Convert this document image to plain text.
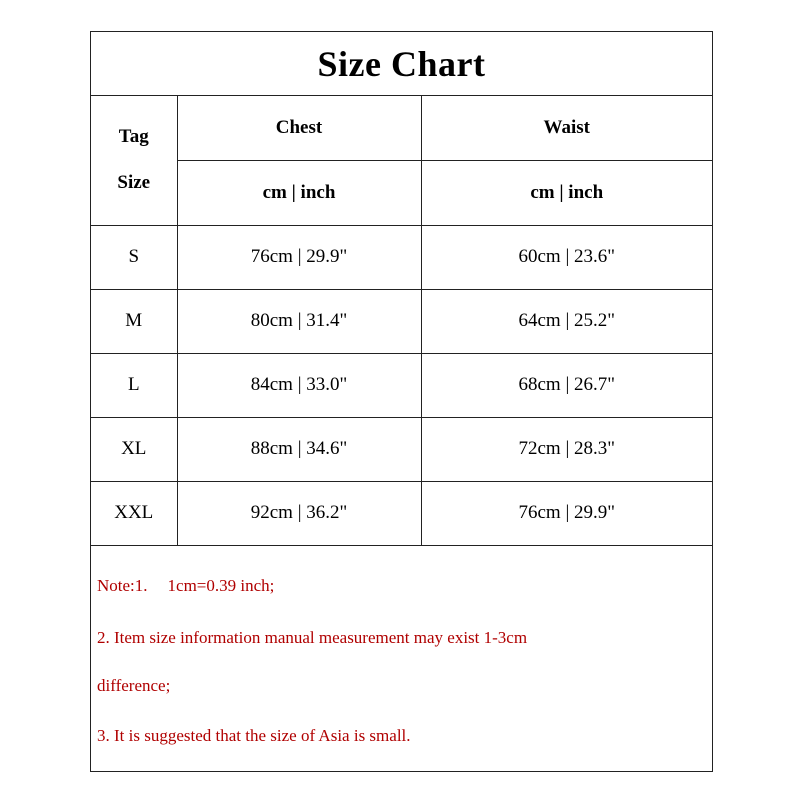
Size Chart
Tag
Size	Chest	Waist
	cm | inch	cm | inch
S	76cm | 29.9"	60cm | 23.6"
M	80cm | 31.4"	64cm | 25.2"
L	84cm | 33.0"	68cm | 26.7"
XL	88cm | 34.6"	72cm | 28.3"
XXL	92cm | 36.2"	76cm | 29.9"
Note:1. 1cm=0.39 inch;
2. Item size information manual measurement may exist 1-3cm
difference;
3. It is suggested that the size of Asia is small.
